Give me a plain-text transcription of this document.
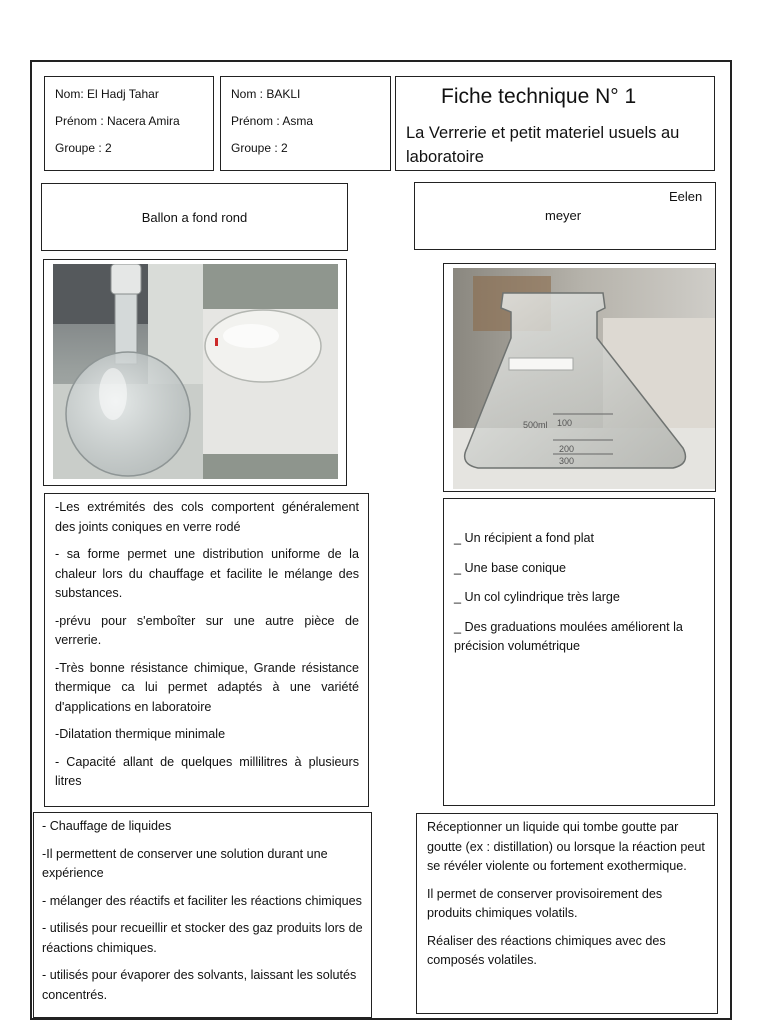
Nom: El Hadj Tahar
Prénom : Nacera Amira
Groupe : 2
Nom : BAKLI
Prénom : Asma
Groupe : 2
Fiche technique N° 1
La Verrerie et petit materiel usuels au laboratoire
Ballon a fond rond
Eelen
meyer
500ml 100
200
300

-Les extrémités des cols comportent généralement des joints coniques en verre rodé

- sa forme permet une distribution uniforme de la chaleur lors du chauffage et facilite le mélange des substances.

-prévu pour s'emboîter sur une autre pièce de verrerie.

-Très bonne résistance chimique, Grande résistance thermique ca lui permet adaptés à une variété d'applications en laboratoire

-Dilatation thermique minimale

- Capacité allant de quelques millilitres à plusieurs litres

_ Un récipient a fond plat

_ Une base conique

_ Un col cylindrique très large

_ Des graduations moulées améliorent la précision volumétrique

- Chauffage de liquides

-Il permettent de conserver une solution durant une expérience

- mélanger des réactifs et faciliter les réactions chimiques

- utilisés pour recueillir et stocker des gaz produits lors de réactions chimiques.

- utilisés pour évaporer des solvants, laissant les solutés concentrés.

Réceptionner un liquide qui tombe goutte par goutte (ex : distillation) ou lorsque la réaction peut se révéler violente ou fortement exothermique.

Il permet de conserver provisoirement des produits chimiques volatils.

Réaliser des réactions chimiques avec des composés volatiles.
